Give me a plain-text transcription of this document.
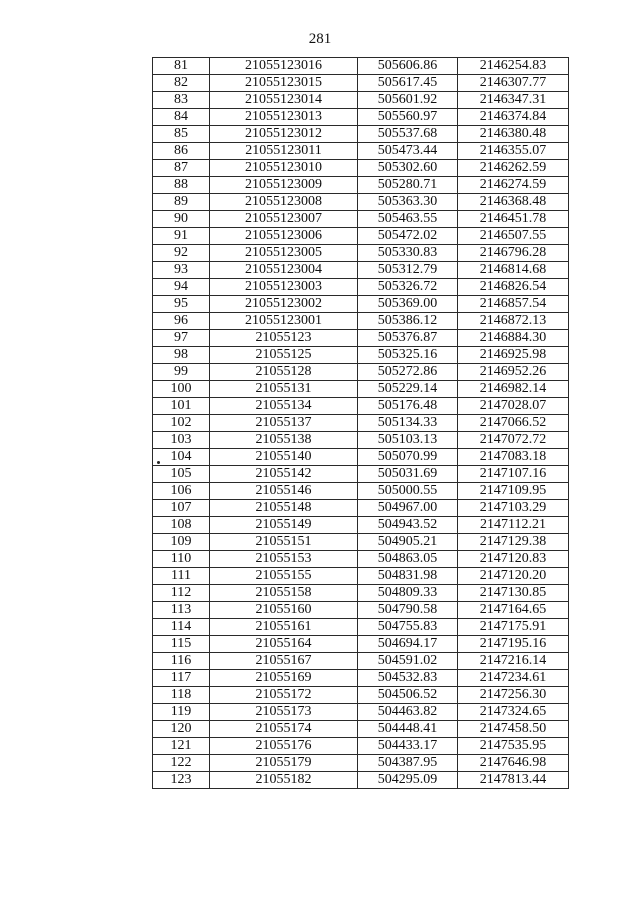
281
81	21055123016	505606.86	2146254.83
82	21055123015	505617.45	2146307.77
83	21055123014	505601.92	2146347.31
84	21055123013	505560.97	2146374.84
85	21055123012	505537.68	2146380.48
86	21055123011	505473.44	2146355.07
87	21055123010	505302.60	2146262.59
88	21055123009	505280.71	2146274.59
89	21055123008	505363.30	2146368.48
90	21055123007	505463.55	2146451.78
91	21055123006	505472.02	2146507.55
92	21055123005	505330.83	2146796.28
93	21055123004	505312.79	2146814.68
94	21055123003	505326.72	2146826.54
95	21055123002	505369.00	2146857.54
96	21055123001	505386.12	2146872.13
97	21055123	505376.87	2146884.30
98	21055125	505325.16	2146925.98
99	21055128	505272.86	2146952.26
100	21055131	505229.14	2146982.14
101	21055134	505176.48	2147028.07
102	21055137	505134.33	2147066.52
103	21055138	505103.13	2147072.72
104	21055140	505070.99	2147083.18
105	21055142	505031.69	2147107.16
106	21055146	505000.55	2147109.95
107	21055148	504967.00	2147103.29
108	21055149	504943.52	2147112.21
109	21055151	504905.21	2147129.38
110	21055153	504863.05	2147120.83
111	21055155	504831.98	2147120.20
112	21055158	504809.33	2147130.85
113	21055160	504790.58	2147164.65
114	21055161	504755.83	2147175.91
115	21055164	504694.17	2147195.16
116	21055167	504591.02	2147216.14
117	21055169	504532.83	2147234.61
118	21055172	504506.52	2147256.30
119	21055173	504463.82	2147324.65
120	21055174	504448.41	2147458.50
121	21055176	504433.17	2147535.95
122	21055179	504387.95	2147646.98
123	21055182	504295.09	2147813.44
